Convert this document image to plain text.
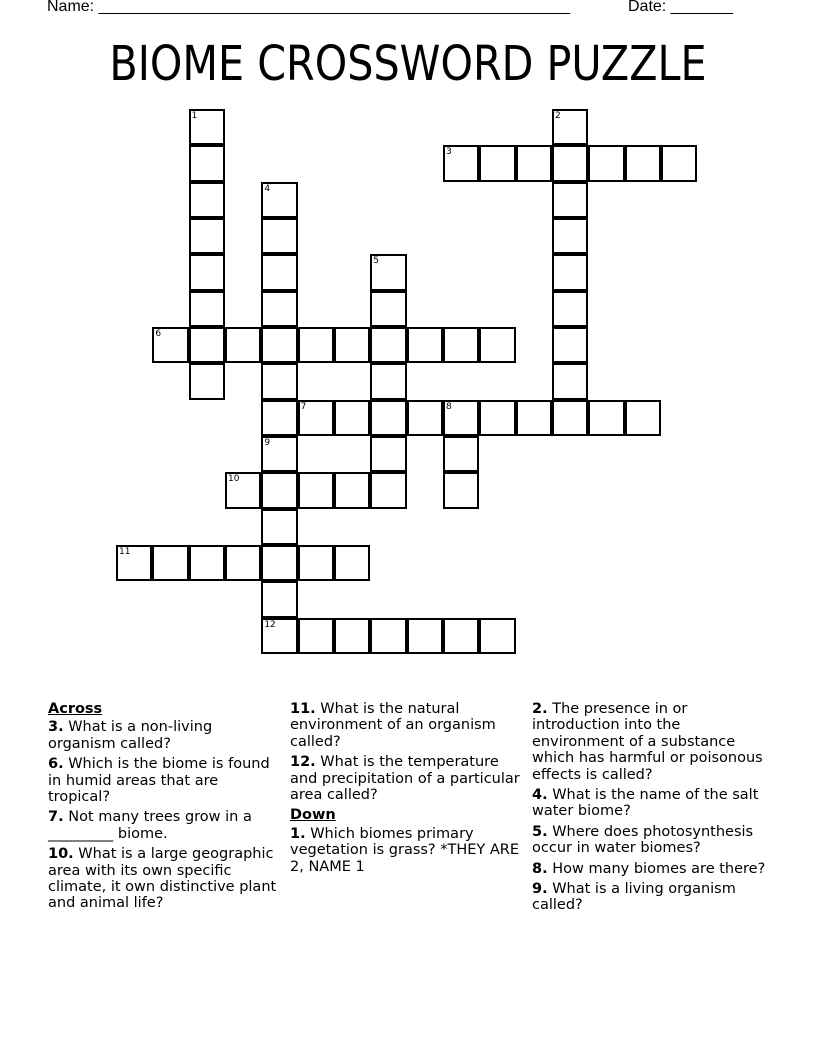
Name: _____________________________________________________	Date: _______
BIOME CROSSWORD PUZZLE
1	2
3
4
9
5
6
7	8
10
11
12
Across
3. What is a non-living organism called?
6. Which is the biome is found in humid areas that are tropical?
7. Not many trees grow in a _________ biome.
10. What is a large geographic area with its own specific climate, it own distinctive plant and animal life?
11. What is the natural environment of an organism called?
12. What is the temperature and precipitation of a particular area called?
Down
1. Which biomes primary vegetation is grass? *THEY ARE 2, NAME 1
2. The presence in or introduction into the environment of a substance which has harmful or poisonous effects is called?
4. What is the name of the salt water biome?
5. Where does photosynthesis occur in water biomes?
8. How many biomes are there?
9. What is a living organism called?
